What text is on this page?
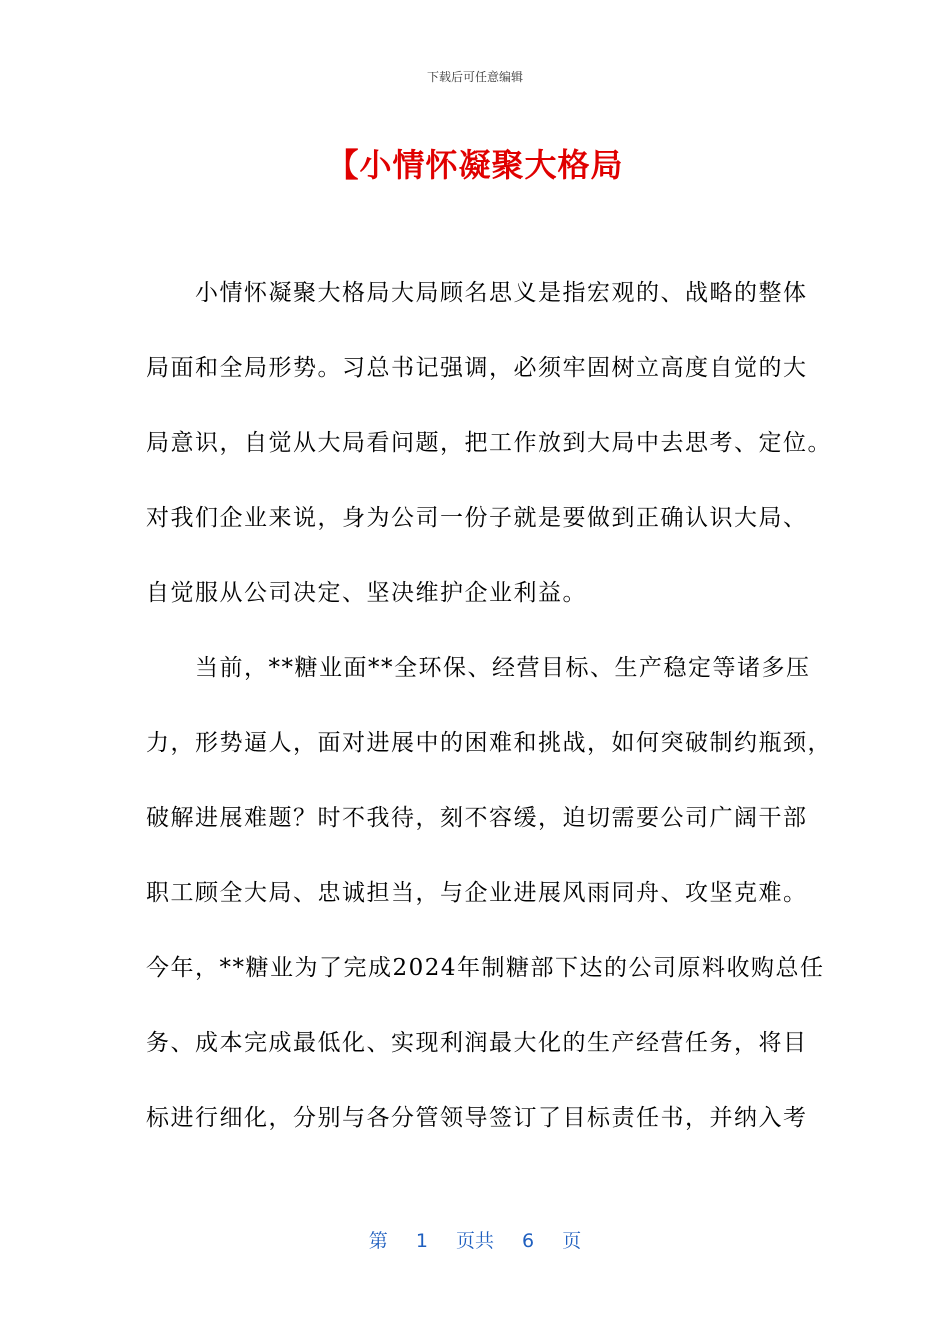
下载后可任意编辑
【小情怀凝聚大格局
　　小情怀凝聚大格局大局顾名思义是指宏观的、战略的整体
局面和全局形势。习总书记强调，必须牢固树立高度自觉的大
局意识，自觉从大局看问题，把工作放到大局中去思考、定位。
对我们企业来说，身为公司一份子就是要做到正确认识大局、
自觉服从公司决定、坚决维护企业利益。
　　当前，**糖业面**全环保、经营目标、生产稳定等诸多压
力，形势逼人，面对进展中的困难和挑战，如何突破制约瓶颈，
破解进展难题？时不我待，刻不容缓，迫切需要公司广阔干部
职工顾全大局、忠诚担当，与企业进展风雨同舟、攻坚克难。
今年，**糖业为了完成2024年制糖部下达的公司原料收购总任
务、成本完成最低化、实现利润最大化的生产经营任务，将目
标进行细化，分别与各分管领导签订了目标责任书，并纳入考
第 1 页共 6 页
